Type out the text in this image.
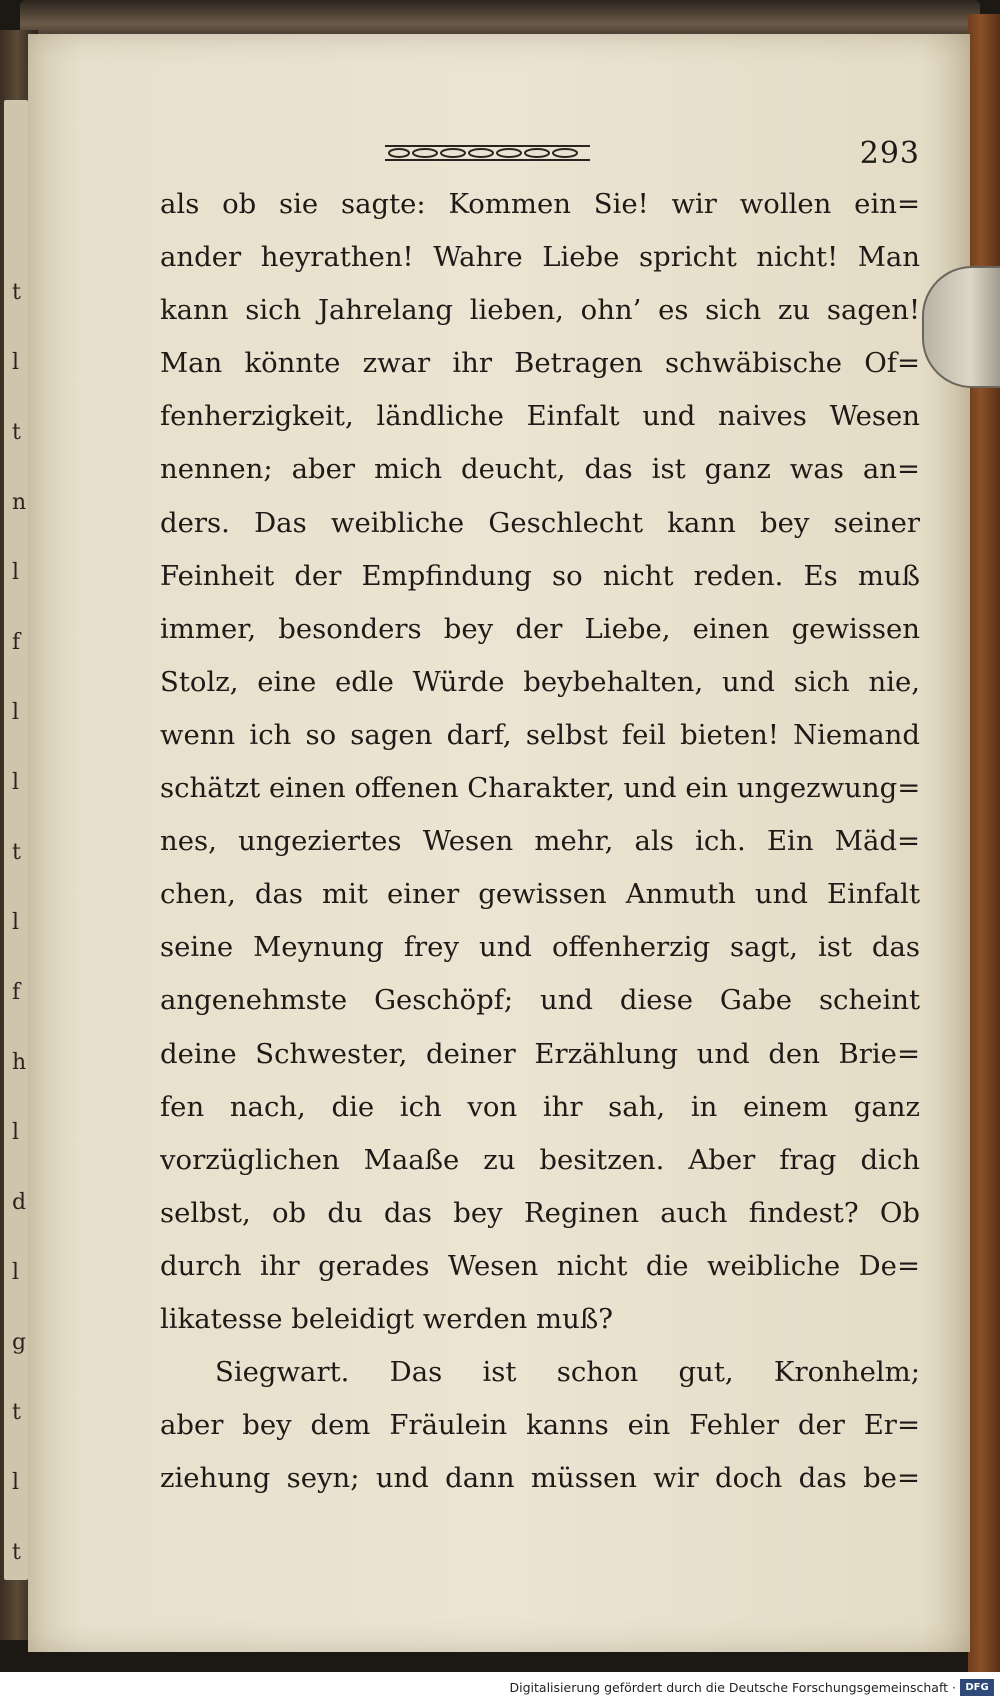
t
l
t
n
l
f
l
l
t
l
f
h
l
d
l
g
t
l
t
293
als ob sie sagte: Kommen Sie! wir wollen ein=
ander heyrathen! Wahre Liebe spricht nicht! Man
kann sich Jahrelang lieben, ohn’ es sich zu sagen!
Man könnte zwar ihr Betragen schwäbische Of=
fenherzigkeit, ländliche Einfalt und naives Wesen
nennen; aber mich deucht, das ist ganz was an=
ders. Das weibliche Geschlecht kann bey seiner
Feinheit der Empfindung so nicht reden. Es muß
immer, besonders bey der Liebe, einen gewissen
Stolz, eine edle Würde beybehalten, und sich nie,
wenn ich so sagen darf, selbst feil bieten! Niemand
schätzt einen offenen Charakter, und ein ungezwung=
nes, ungeziertes Wesen mehr, als ich. Ein Mäd=
chen, das mit einer gewissen Anmuth und Einfalt
seine Meynung frey und offenherzig sagt, ist das
angenehmste Geschöpf; und diese Gabe scheint
deine Schwester, deiner Erzählung und den Brie=
fen nach, die ich von ihr sah, in einem ganz
vorzüglichen Maaße zu besitzen. Aber frag dich
selbst, ob du das bey Reginen auch findest? Ob
durch ihr gerades Wesen nicht die weibliche De=
likatesse beleidigt werden muß?
Siegwart. Das ist schon gut, Kronhelm;
aber bey dem Fräulein kanns ein Fehler der Er=
ziehung seyn; und dann müssen wir doch das be=
Digitalisierung gefördert durch die Deutsche Forschungsgemeinschaft · DFG
